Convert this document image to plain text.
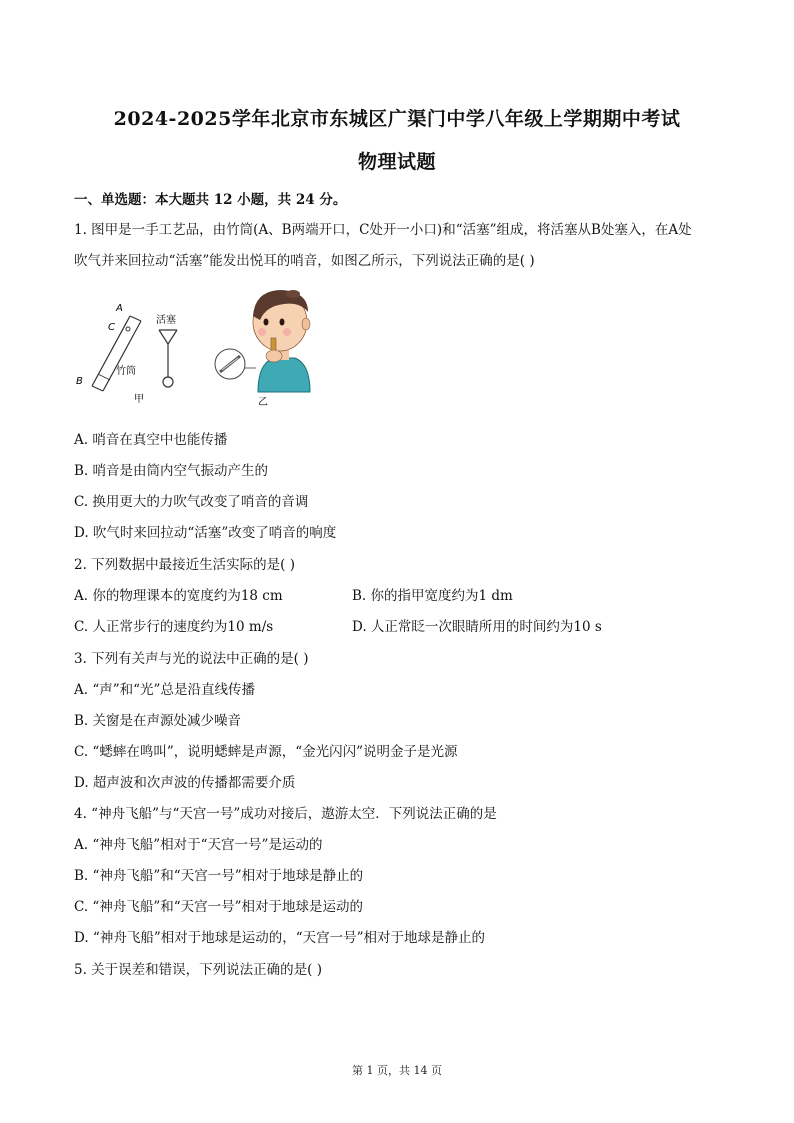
2024-2025学年北京市东城区广渠门中学八年级上学期期中考试
物理试题
一、单选题：本大题共 12 小题，共 24 分。
1. 图甲是一手工艺品，由竹筒(A、B两端开口，C处开一小口)和“活塞”组成，将活塞从B处塞入，在A处
吹气并来回拉动“活塞”能发出悦耳的哨音，如图乙所示，下列说法正确的是( )
A
C
B
竹筒
活塞
甲	乙
A. 哨音在真空中也能传播
B. 哨音是由筒内空气振动产生的
C. 换用更大的力吹气改变了哨音的音调
D. 吹气时来回拉动“活塞”改变了哨音的响度
2. 下列数据中最接近生活实际的是( )
A. 你的物理课本的宽度约为18 cm	B. 你的指甲宽度约为1 dm
C. 人正常步行的速度约为10 m/s	D. 人正常眨一次眼睛所用的时间约为10 s
3. 下列有关声与光的说法中正确的是( )
A. “声”和“光”总是沿直线传播
B. 关窗是在声源处减少噪音
C. “蟋蟀在鸣叫”，说明蟋蟀是声源，“金光闪闪”说明金子是光源
D. 超声波和次声波的传播都需要介质
4. “神舟飞船”与“天宫一号”成功对接后，遨游太空．下列说法正确的是
A. “神舟飞船”相对于“天宫一号”是运动的
B. “神舟飞船”和“天宫一号”相对于地球是静止的
C. “神舟飞船”和“天宫一号”相对于地球是运动的
D. “神舟飞船”相对于地球是运动的，“天宫一号”相对于地球是静止的
5. 关于误差和错误，下列说法正确的是( )
第 1 页，共 14 页
